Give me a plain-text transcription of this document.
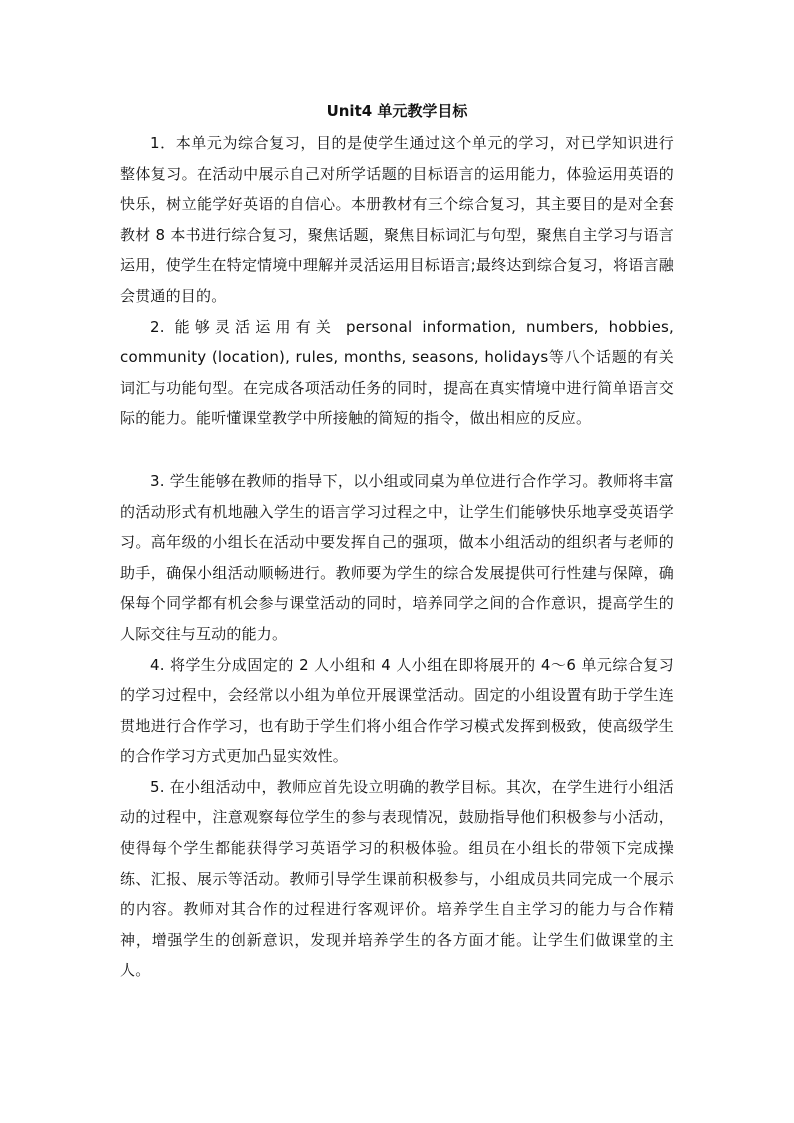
Unit4 单元教学目标

1．本单元为综合复习，目的是使学生通过这个单元的学习，对已学知识进行整体复习。在活动中展示自己对所学话题的目标语言的运用能力，体验运用英语的快乐，树立能学好英语的自信心。本册教材有三个综合复习，其主要目的是对全套教材 8 本书进行综合复习，聚焦话题，聚焦目标词汇与句型，聚焦自主学习与语言运用，使学生在特定情境中理解并灵活运用目标语言;最终达到综合复习，将语言融会贯通的目的。

2. 能够灵活运用有关 personal information, numbers, hobbies, community (location), rules, months, seasons, holidays等八个话题的有关词汇与功能句型。在完成各项活动任务的同时，提高在真实情境中进行简单语言交际的能力。能听懂课堂教学中所接触的简短的指令，做出相应的反应。

3. 学生能够在教师的指导下，以小组或同桌为单位进行合作学习。教师将丰富的活动形式有机地融入学生的语言学习过程之中，让学生们能够快乐地享受英语学习。高年级的小组长在活动中要发挥自己的强项，做本小组活动的组织者与老师的助手，确保小组活动顺畅进行。教师要为学生的综合发展提供可行性建与保障，确保每个同学都有机会参与课堂活动的同时，培养同学之间的合作意识，提高学生的人际交往与互动的能力。

4. 将学生分成固定的 2 人小组和 4 人小组在即将展开的 4～6 单元综合复习的学习过程中，会经常以小组为单位开展课堂活动。固定的小组设置有助于学生连贯地进行合作学习，也有助于学生们将小组合作学习模式发挥到极致，使高级学生的合作学习方式更加凸显实效性。

5. 在小组活动中，教师应首先设立明确的教学目标。其次，在学生进行小组活动的过程中，注意观察每位学生的参与表现情况，鼓励指导他们积极参与小活动，使得每个学生都能获得学习英语学习的积极体验。组员在小组长的带领下完成操练、汇报、展示等活动。教师引导学生课前积极参与，小组成员共同完成一个展示的内容。教师对其合作的过程进行客观评价。培养学生自主学习的能力与合作精神，增强学生的创新意识，发现并培养学生的各方面才能。让学生们做课堂的主人。
